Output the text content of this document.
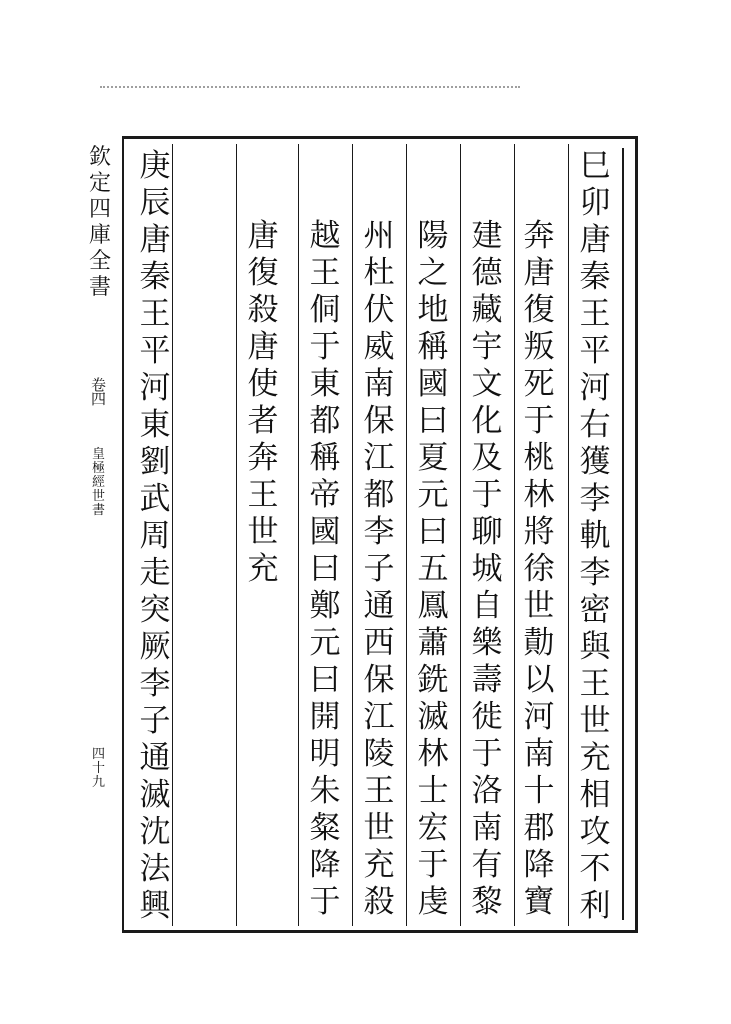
欽
定
四
庫
全
書
卷
四
皇
極
經
世
書
四
十
九
巳
卯
唐
秦
王
平
河
右
獲
李
軌
李
密
與
王
世
充
相
攻
不
利
奔
唐
復
叛
死
于
桃
林
將
徐
世
勣
以
河
南
十
郡
降
寶
建
德
藏
宇
文
化
及
于
聊
城
自
樂
壽
徙
于
洛
南
有
黎
陽
之
地
稱
國
曰
夏
元
曰
五
鳳
蕭
銑
滅
林
士
宏
于
虔
州
杜
伏
威
南
保
江
都
李
子
通
西
保
江
陵
王
世
充
殺
越
王
侗
于
東
都
稱
帝
國
曰
鄭
元
曰
開
明
朱
粲
降
于
唐
復
殺
唐
使
者
奔
王
世
充
庚
辰
唐
秦
王
平
河
東
劉
武
周
走
突
厥
李
子
通
滅
沈
法
興
